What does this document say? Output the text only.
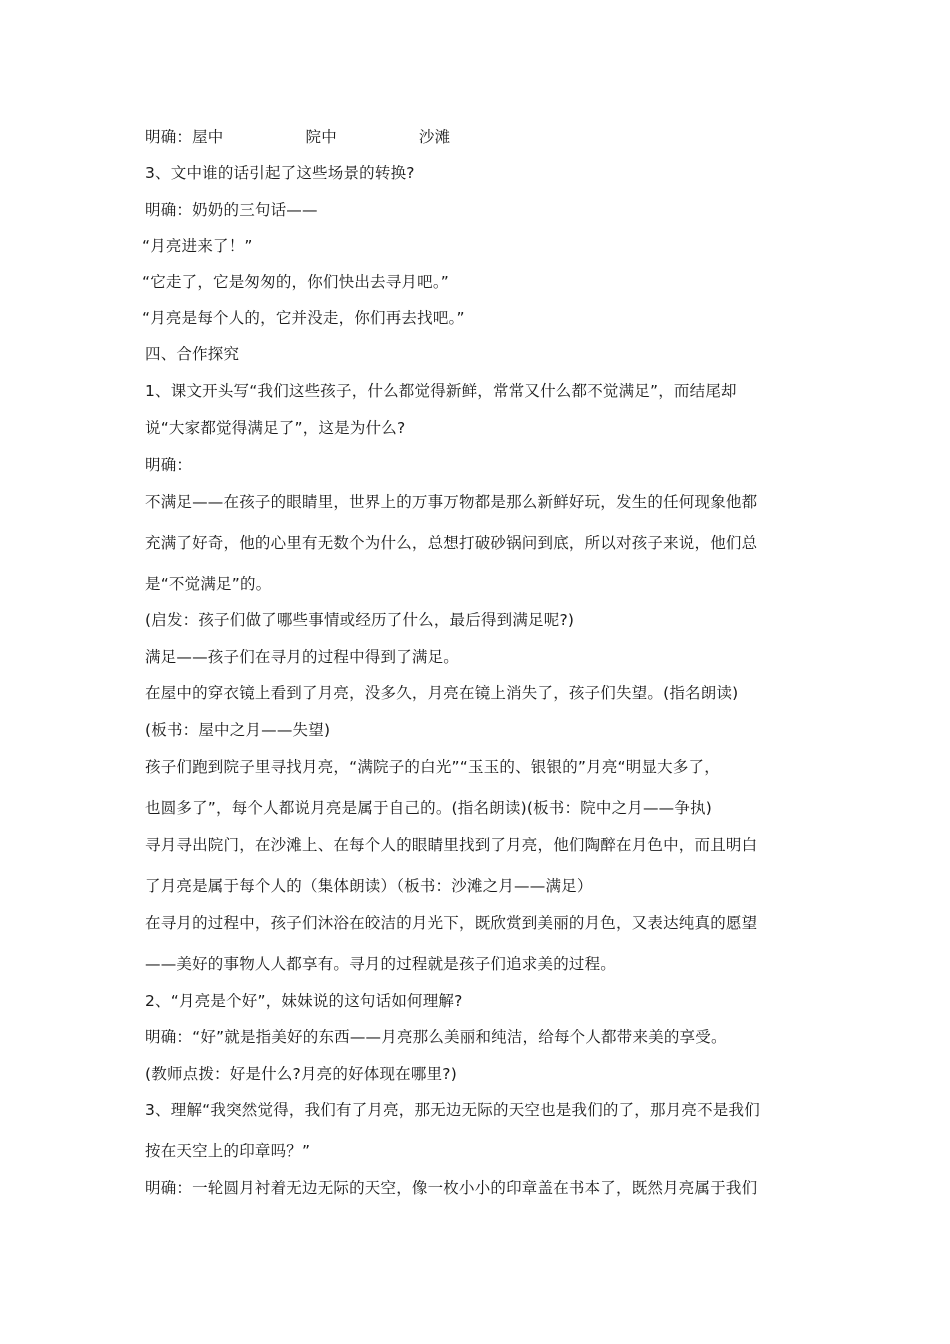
明确：屋中	院中	沙滩
3、文中谁的话引起了这些场景的转换?
明确：奶奶的三句话——
“月亮进来了！”
“它走了，它是匆匆的，你们快出去寻月吧。”
“月亮是每个人的，它并没走，你们再去找吧。”
四、合作探究
1、课文开头写“我们这些孩子，什么都觉得新鲜，常常又什么都不觉满足”，而结尾却
说“大家都觉得满足了”，这是为什么?
明确：
不满足——在孩子的眼睛里，世界上的万事万物都是那么新鲜好玩，发生的任何现象他都
充满了好奇，他的心里有无数个为什么，总想打破砂锅问到底，所以对孩子来说，他们总
是“不觉满足”的。
(启发：孩子们做了哪些事情或经历了什么，最后得到满足呢?)
满足——孩子们在寻月的过程中得到了满足。
在屋中的穿衣镜上看到了月亮，没多久，月亮在镜上消失了，孩子们失望。(指名朗读)
(板书：屋中之月——失望)
孩子们跑到院子里寻找月亮，“满院子的白光”“玉玉的、银银的”月亮“明显大多了，
也圆多了”，每个人都说月亮是属于自己的。(指名朗读)(板书：院中之月——争执)
寻月寻出院门，在沙滩上、在每个人的眼睛里找到了月亮，他们陶醉在月色中，而且明白
了月亮是属于每个人的（集体朗读）（板书：沙滩之月——满足）
在寻月的过程中，孩子们沐浴在皎洁的月光下，既欣赏到美丽的月色，又表达纯真的愿望
——美好的事物人人都享有。寻月的过程就是孩子们追求美的过程。
2、“月亮是个好”，妹妹说的这句话如何理解?
明确：“好”就是指美好的东西——月亮那么美丽和纯洁，给每个人都带来美的享受。
(教师点拨：好是什么?月亮的好体现在哪里?)
3、理解“我突然觉得，我们有了月亮，那无边无际的天空也是我们的了，那月亮不是我们
按在天空上的印章吗？”
明确：一轮圆月衬着无边无际的天空，像一枚小小的印章盖在书本了，既然月亮属于我们
